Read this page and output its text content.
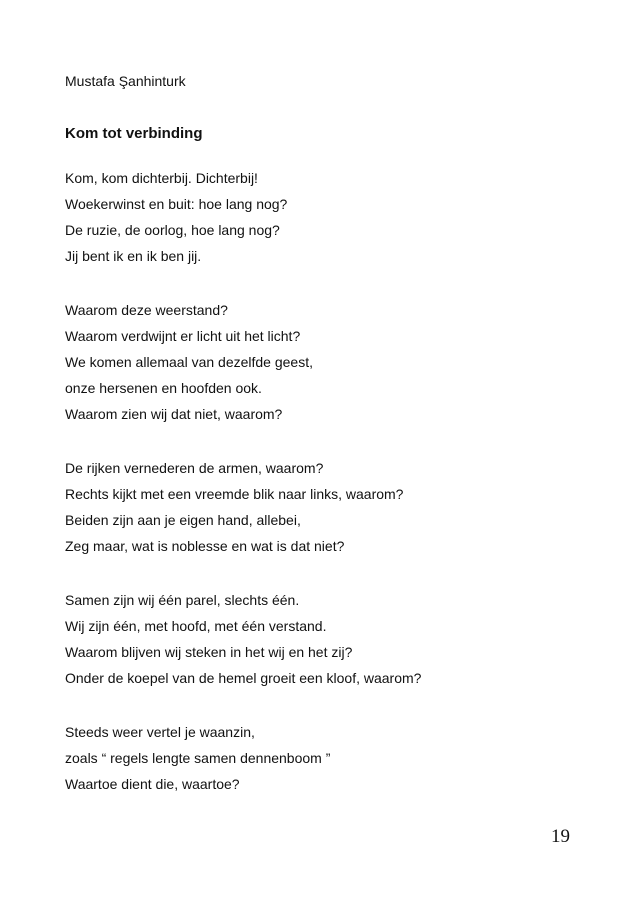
Mustafa Şanhinturk
Kom tot verbinding
Kom, kom dichterbij. Dichterbij!
Woekerwinst en buit: hoe lang nog?
De ruzie, de oorlog, hoe lang nog?
Jij bent ik en ik ben jij.
Waarom deze weerstand?
Waarom verdwijnt er licht uit het licht?
We komen allemaal van dezelfde geest,
onze hersenen en hoofden ook.
Waarom zien wij dat niet, waarom?
De rijken vernederen de armen, waarom?
Rechts kijkt met een vreemde blik naar links, waarom?
Beiden zijn aan je eigen hand, allebei,
Zeg maar, wat is noblesse en wat is dat niet?
Samen zijn wij één parel, slechts één.
Wij zijn één, met hoofd, met één verstand.
Waarom blijven wij steken in het wij en het zij?
Onder de koepel van de hemel groeit een kloof, waarom?
Steeds weer vertel je waanzin,
zoals “ regels lengte samen dennenboom ”
Waartoe dient die, waartoe?
19
